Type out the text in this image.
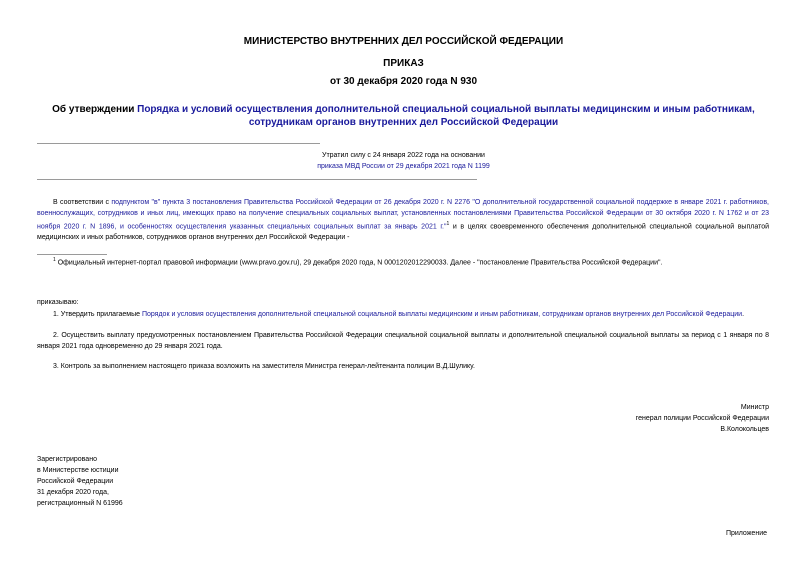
МИНИСТЕРСТВО ВНУТРЕННИХ ДЕЛ РОССИЙСКОЙ ФЕДЕРАЦИИ
ПРИКАЗ
от 30 декабря 2020 года N 930
Об утверждении Порядка и условий осуществления дополнительной специальной социальной выплаты медицинским и иным работникам, сотрудникам органов внутренних дел Российской Федерации
Утратил силу с 24 января 2022 года на основании
приказа МВД России от 29 декабря 2021 года N 1199
В соответствии с подпунктом "в" пункта 3 постановления Правительства Российской Федерации от 26 декабря 2020 г. N 2276 "О дополнительной государственной социальной поддержке в январе 2021 г. работников, военнослужащих, сотрудников и иных лиц, имеющих право на получение специальных социальных выплат, установленных постановлениями Правительства Российской Федерации от 30 октября 2020 г. N 1762 и от 23 ноября 2020 г. N 1896, и особенностях осуществления указанных специальных социальных выплат за январь 2021 г."$^1$ и в целях своевременного обеспечения дополнительной специальной социальной выплатой медицинских и иных работников, сотрудников органов внутренних дел Российской Федерации -
$^1$ Официальный интернет-портал правовой информации (www.pravo.gov.ru), 29 декабря 2020 года, N 0001202012290033. Далее - "постановление Правительства Российской Федерации".
приказываю:
1. Утвердить прилагаемые Порядок и условия осуществления дополнительной специальной социальной выплаты медицинским и иным работникам, сотрудникам органов внутренних дел Российской Федерации.
2. Осуществить выплату предусмотренных постановлением Правительства Российской Федерации специальной социальной выплаты и дополнительной специальной социальной выплаты за период с 1 января по 8 января 2021 года одновременно до 29 января 2021 года.
3. Контроль за выполнением настоящего приказа возложить на заместителя Министра генерал-лейтенанта полиции В.Д.Шулику.
Министр
генерал полиции Российской Федерации
В.Колокольцев
Зарегистрировано
в Министерстве юстиции
Российской Федерации
31 декабря 2020 года,
регистрационный N 61996
Приложение
